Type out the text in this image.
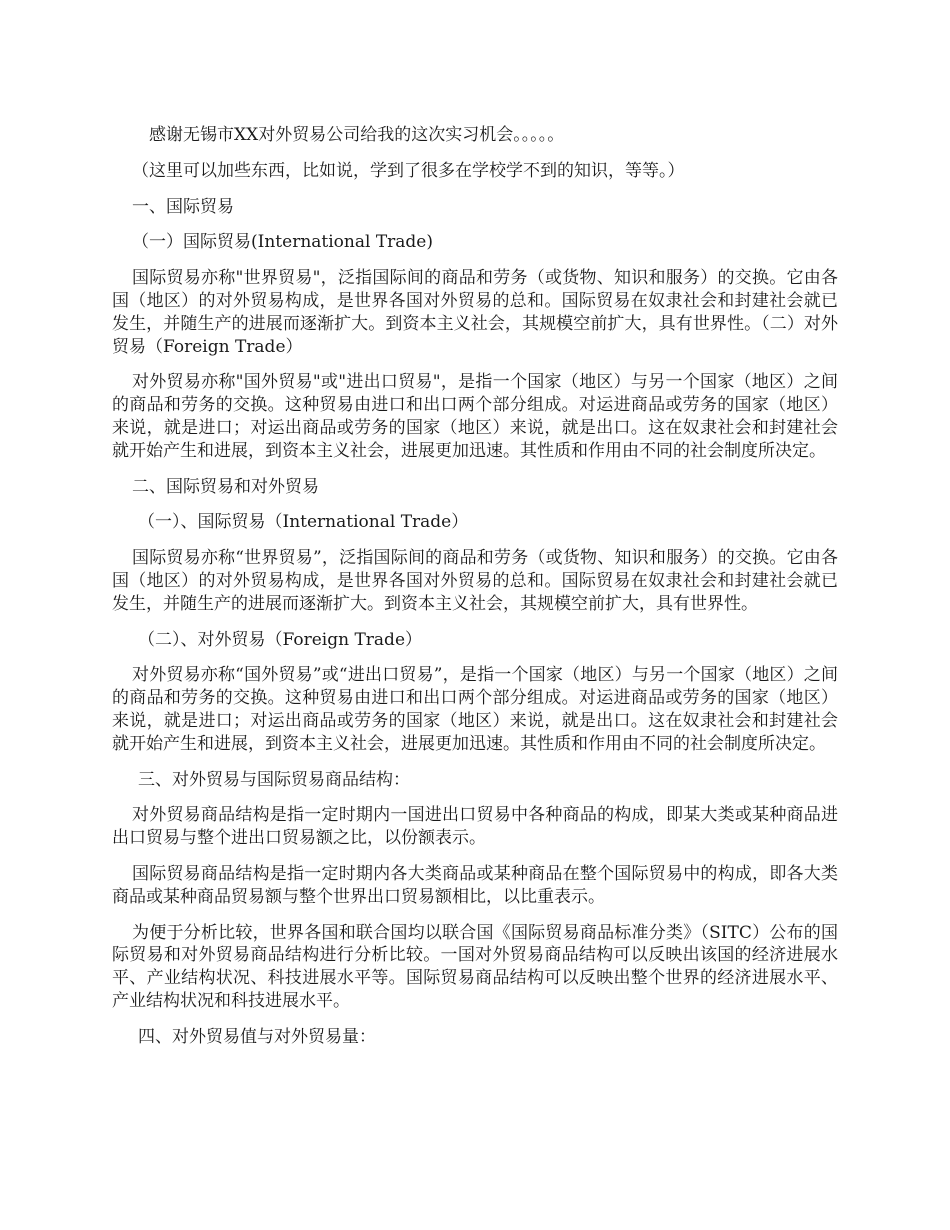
感谢无锡市XX对外贸易公司给我的这次实习机会。。。。。

（这里可以加些东西，比如说，学到了很多在学校学不到的知识，等等。）

一、国际贸易

（一）国际贸易(International Trade)

国际贸易亦称"世界贸易"，泛指国际间的商品和劳务（或货物、知识和服务）的交换。它由各国（地区）的对外贸易构成，是世界各国对外贸易的总和。国际贸易在奴隶社会和封建社会就已发生，并随生产的进展而逐渐扩大。到资本主义社会，其规模空前扩大，具有世界性。（二）对外贸易（Foreign Trade）

对外贸易亦称"国外贸易"或"进出口贸易"，是指一个国家（地区）与另一个国家（地区）之间的商品和劳务的交换。这种贸易由进口和出口两个部分组成。对运进商品或劳务的国家（地区）来说，就是进口；对运出商品或劳务的国家（地区）来说，就是出口。这在奴隶社会和封建社会就开始产生和进展，到资本主义社会，进展更加迅速。其性质和作用由不同的社会制度所决定。

二、国际贸易和对外贸易

（一）、国际贸易（International Trade）

国际贸易亦称“世界贸易”，泛指国际间的商品和劳务（或货物、知识和服务）的交换。它由各国（地区）的对外贸易构成，是世界各国对外贸易的总和。国际贸易在奴隶社会和封建社会就已发生，并随生产的进展而逐渐扩大。到资本主义社会，其规模空前扩大，具有世界性。

（二）、对外贸易（Foreign Trade）

对外贸易亦称“国外贸易”或“进出口贸易”，是指一个国家（地区）与另一个国家（地区）之间的商品和劳务的交换。这种贸易由进口和出口两个部分组成。对运进商品或劳务的国家（地区）来说，就是进口；对运出商品或劳务的国家（地区）来说，就是出口。这在奴隶社会和封建社会就开始产生和进展，到资本主义社会，进展更加迅速。其性质和作用由不同的社会制度所决定。

三、对外贸易与国际贸易商品结构：

对外贸易商品结构是指一定时期内一国进出口贸易中各种商品的构成，即某大类或某种商品进出口贸易与整个进出口贸易额之比，以份额表示。

国际贸易商品结构是指一定时期内各大类商品或某种商品在整个国际贸易中的构成，即各大类商品或某种商品贸易额与整个世界出口贸易额相比，以比重表示。

为便于分析比较，世界各国和联合国均以联合国《国际贸易商品标准分类》（SITC）公布的国际贸易和对外贸易商品结构进行分析比较。一国对外贸易商品结构可以反映出该国的经济进展水平、产业结构状况、科技进展水平等。国际贸易商品结构可以反映出整个世界的经济进展水平、产业结构状况和科技进展水平。

四、对外贸易值与对外贸易量：
